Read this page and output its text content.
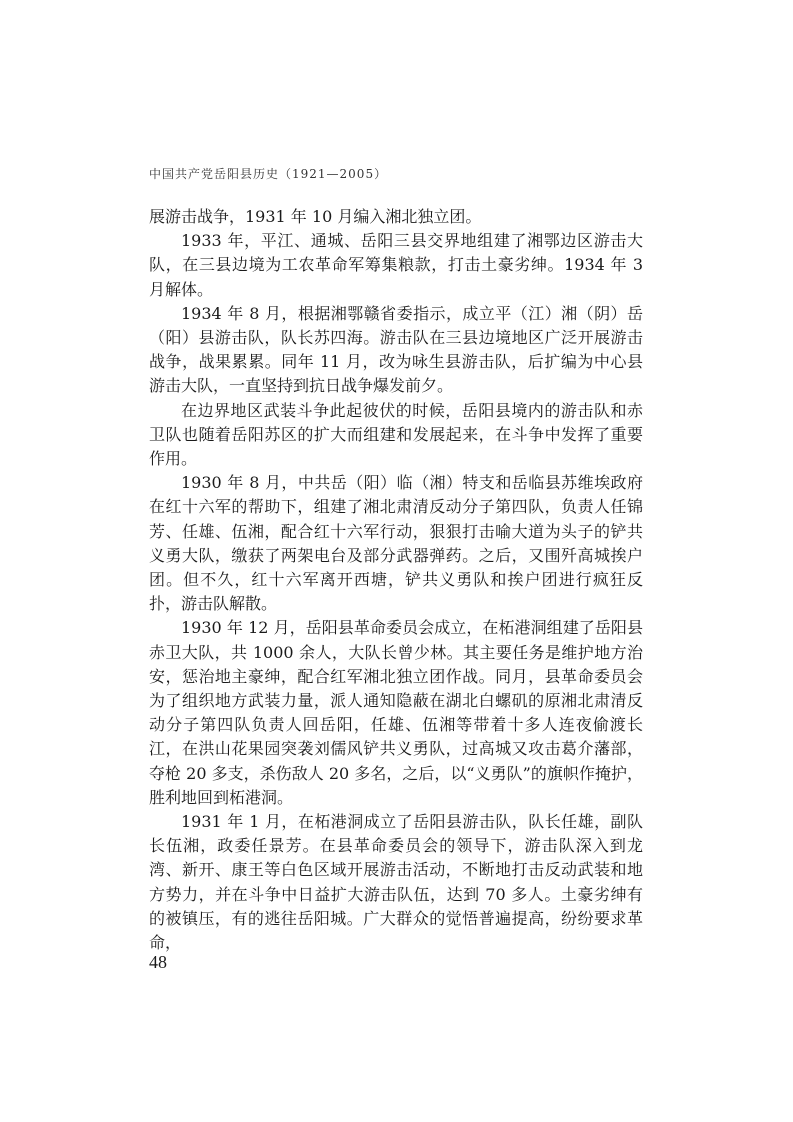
中国共产党岳阳县历史（1921—2005）

展游击战争，1931 年 10 月编入湘北独立团。

1933 年，平江、通城、岳阳三县交界地组建了湘鄂边区游击大队，在三县边境为工农革命军筹集粮款，打击土豪劣绅。1934 年 3 月解体。

1934 年 8 月，根据湘鄂赣省委指示，成立平（江）湘（阴）岳（阳）县游击队，队长苏四海。游击队在三县边境地区广泛开展游击战争，战果累累。同年 11 月，改为咏生县游击队，后扩编为中心县游击大队，一直坚持到抗日战争爆发前夕。

在边界地区武装斗争此起彼伏的时候，岳阳县境内的游击队和赤卫队也随着岳阳苏区的扩大而组建和发展起来，在斗争中发挥了重要作用。

1930 年 8 月，中共岳（阳）临（湘）特支和岳临县苏维埃政府在红十六军的帮助下，组建了湘北肃清反动分子第四队，负责人任锦芳、任雄、伍湘，配合红十六军行动，狠狠打击喻大道为头子的铲共义勇大队，缴获了两架电台及部分武器弹药。之后，又围歼高城挨户团。但不久，红十六军离开西塘，铲共义勇队和挨户团进行疯狂反扑，游击队解散。

1930 年 12 月，岳阳县革命委员会成立，在柘港洞组建了岳阳县赤卫大队，共 1000 余人，大队长曾少林。其主要任务是维护地方治安，惩治地主豪绅，配合红军湘北独立团作战。同月，县革命委员会为了组织地方武装力量，派人通知隐蔽在湖北白螺矶的原湘北肃清反动分子第四队负责人回岳阳，任雄、伍湘等带着十多人连夜偷渡长江，在洪山花果园突袭刘儒风铲共义勇队，过高城又攻击葛介藩部，夺枪 20 多支，杀伤敌人 20 多名，之后，以“义勇队”的旗帜作掩护，胜利地回到柘港洞。

1931 年 1 月，在柘港洞成立了岳阳县游击队，队长任雄，副队长伍湘，政委任景芳。在县革命委员会的领导下，游击队深入到龙湾、新开、康王等白色区域开展游击活动，不断地打击反动武装和地方势力，并在斗争中日益扩大游击队伍，达到 70 多人。土豪劣绅有的被镇压，有的逃往岳阳城。广大群众的觉悟普遍提高，纷纷要求革命，

48
